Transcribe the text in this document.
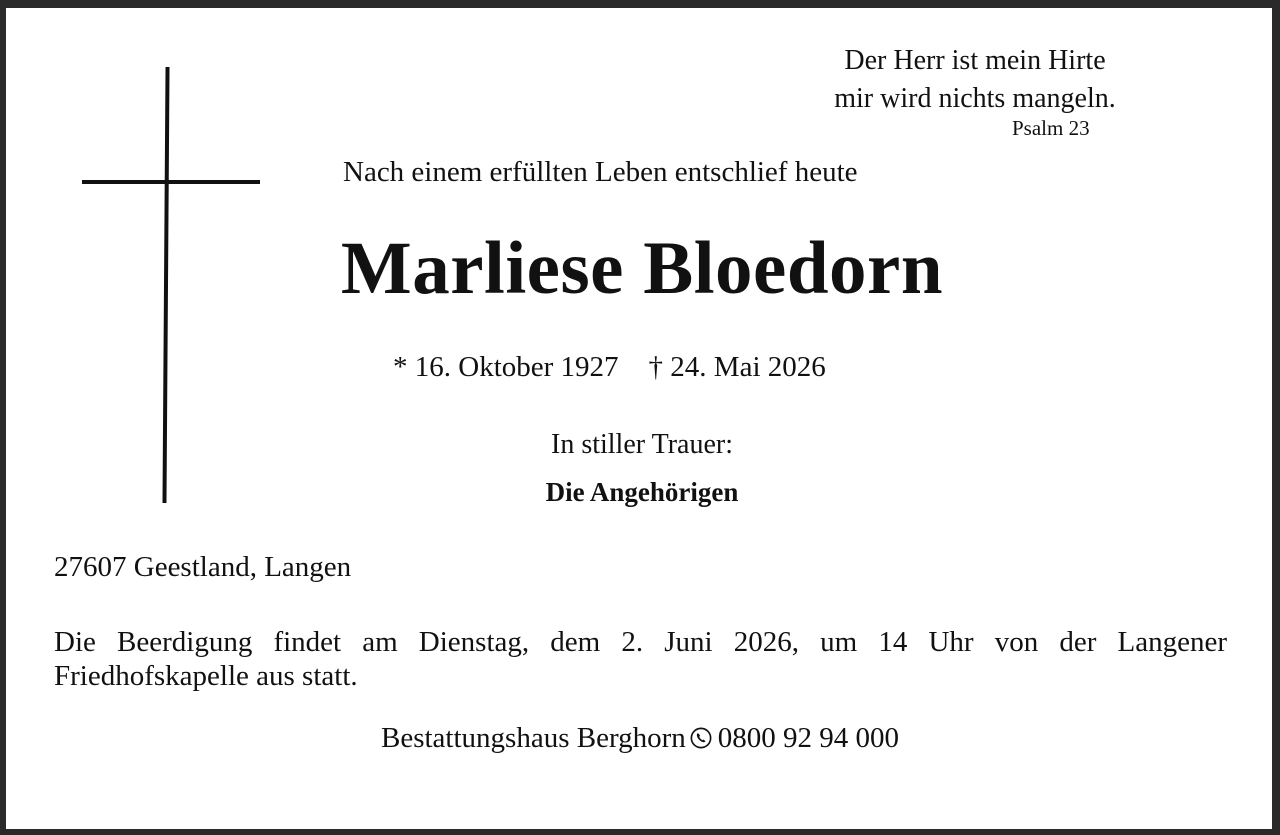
Der Herr ist mein Hirte
mir wird nichts mangeln.
Psalm 23
Nach einem erfüllten Leben entschlief heute
Marliese Bloedorn
* 16. Oktober 1927 † 24. Mai 2026
In stiller Trauer:
Die Angehörigen
27607 Geestland, Langen
Die Beerdigung findet am Dienstag, dem 2. Juni 2026, um 14 Uhr von der Langener
Friedhofskapelle aus statt.
Bestattungshaus Berghorn 0800 92 94 000
